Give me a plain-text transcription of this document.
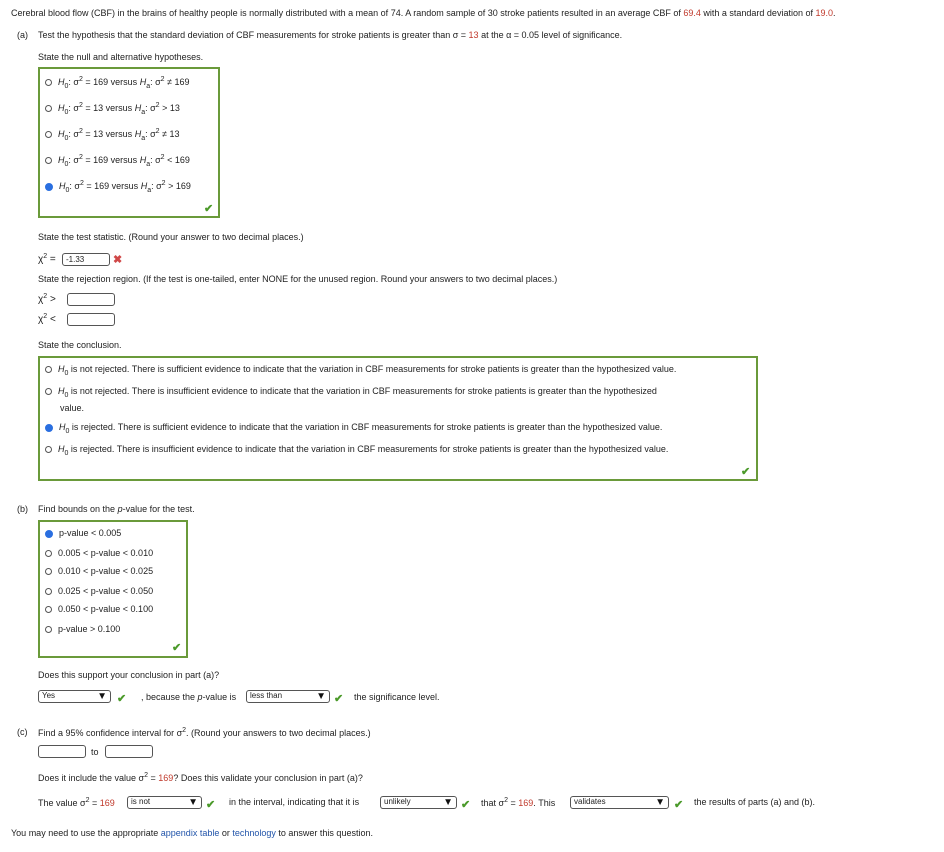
Cerebral blood flow (CBF) in the brains of healthy people is normally distributed with a mean of 74. A random sample of 30 stroke patients resulted in an average CBF of 69.4 with a standard deviation of 19.0.
(a) Test the hypothesis that the standard deviation of CBF measurements for stroke patients is greater than σ = 13 at the α = 0.05 level of significance.
State the null and alternative hypotheses.
$H_0$: $\sigma^2 = 169$ versus $H_a$: $\sigma^2 \ne 169$
$H_0$: $\sigma^2 = 13$ versus $H_a$: $\sigma^2 > 13$
$H_0$: $\sigma^2 = 13$ versus $H_a$: $\sigma^2 \ne 13$
$H_0$: $\sigma^2 = 169$ versus $H_a$: $\sigma^2 < 169$
$H_0$: $\sigma^2 = 169$ versus $H_a$: $\sigma^2 > 169$
✔
State the test statistic. (Round your answer to two decimal places.)
$\chi^2$ =	-1.33	✖
State the rejection region. (If the test is one-tailed, enter NONE for the unused region. Round your answers to two decimal places.)
$\chi^2$ >
$\chi^2$ <
State the conclusion.
$H_0$ is not rejected. There is sufficient evidence to indicate that the variation in CBF measurements for stroke patients is greater than the hypothesized value.
$H_0$ is not rejected. There is insufficient evidence to indicate that the variation in CBF measurements for stroke patients is greater than the hypothesized
value.
$H_0$ is rejected. There is sufficient evidence to indicate that the variation in CBF measurements for stroke patients is greater than the hypothesized value.
$H_0$ is rejected. There is insufficient evidence to indicate that the variation in CBF measurements for stroke patients is greater than the hypothesized value.
✔
(b) Find bounds on the p-value for the test.
p-value < 0.005
0.005 < p-value < 0.010
0.010 < p-value < 0.025
0.025 < p-value < 0.050
0.050 < p-value < 0.100
p-value > 0.100
✔
Does this support your conclusion in part (a)?
Yes	▼ ✔ , because the p-value is	less than	▼ ✔ the significance level.
(c) Find a 95% confidence interval for $\sigma^2$. (Round your answers to two decimal places.)
to
Does it include the value $\sigma^2 = 169$? Does this validate your conclusion in part (a)?
The value $\sigma^2 = 169$	is not	▼ ✔ in the interval, indicating that it is	unlikely	▼ ✔ that $\sigma^2 = 169$. This	validates	▼ ✔ the results of parts (a) and (b).
You may need to use the appropriate appendix table or technology to answer this question.
